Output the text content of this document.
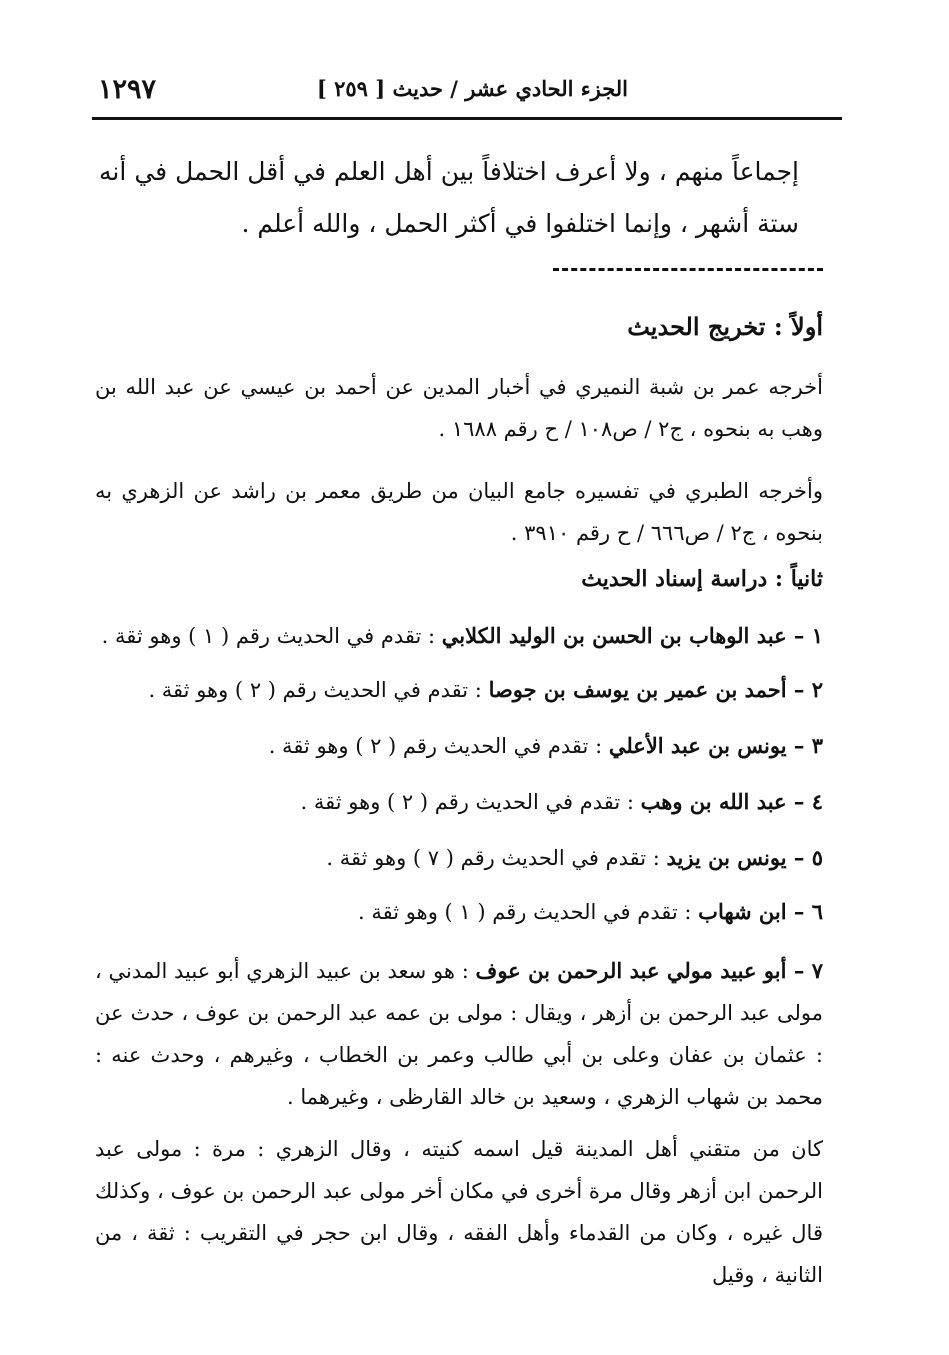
الجزء الحادي عشر / حديث [ ٢٥٩ ]
١٢٩٧
إجماعاً منهم ، ولا أعرف اختلافاً بين أهل العلم في أقل الحمل في أنه ستة أشهر ، وإنما اختلفوا في أكثر الحمل ، والله أعلم .
أولاً : تخريج الحديث
أخرجه عمر بن شبة النميري في أخبار المدين عن أحمد بن عيسي عن عبد الله بن وهب به بنحوه ، ج٢ / ص١٠٨ / ح رقم ١٦٨٨ .
وأخرجه الطبري في تفسيره جامع البيان من طريق معمر بن راشد عن الزهري به بنحوه ، ج٢ / ص٦٦٦ / ح رقم ٣٩١٠ .
ثانياً : دراسة إسناد الحديث
١ – عبد الوهاب بن الحسن بن الوليد الكلابي : تقدم في الحديث رقم ( ١ ) وهو ثقة .
٢ – أحمد بن عمير بن يوسف بن جوصا : تقدم في الحديث رقم ( ٢ ) وهو ثقة .
٣ – يونس بن عبد الأعلي : تقدم في الحديث رقم ( ٢ ) وهو ثقة .
٤ – عبد الله بن وهب : تقدم في الحديث رقم ( ٢ ) وهو ثقة .
٥ – يونس بن يزيد : تقدم في الحديث رقم ( ٧ ) وهو ثقة .
٦ – ابن شهاب : تقدم في الحديث رقم ( ١ ) وهو ثقة .
٧ – أبو عبيد مولي عبد الرحمن بن عوف : هو سعد بن عبيد الزهري أبو عبيد المدني ، مولى عبد الرحمن بن أزهر ، ويقال : مولى بن عمه عبد الرحمن بن عوف ، حدث عن : عثمان بن عفان وعلى بن أبي طالب وعمر بن الخطاب ، وغيرهم ، وحدث عنه : محمد بن شهاب الزهري ، وسعيد بن خالد القارظى ، وغيرهما .
كان من متقني أهل المدينة قيل اسمه كنيته ، وقال الزهري : مرة : مولى عبد الرحمن ابن أزهر وقال مرة أخرى في مكان أخر مولى عبد الرحمن بن عوف ، وكذلك قال غيره ، وكان من القدماء وأهل الفقه ، وقال ابن حجر في التقريب : ثقة ، من الثانية ، وقيل
